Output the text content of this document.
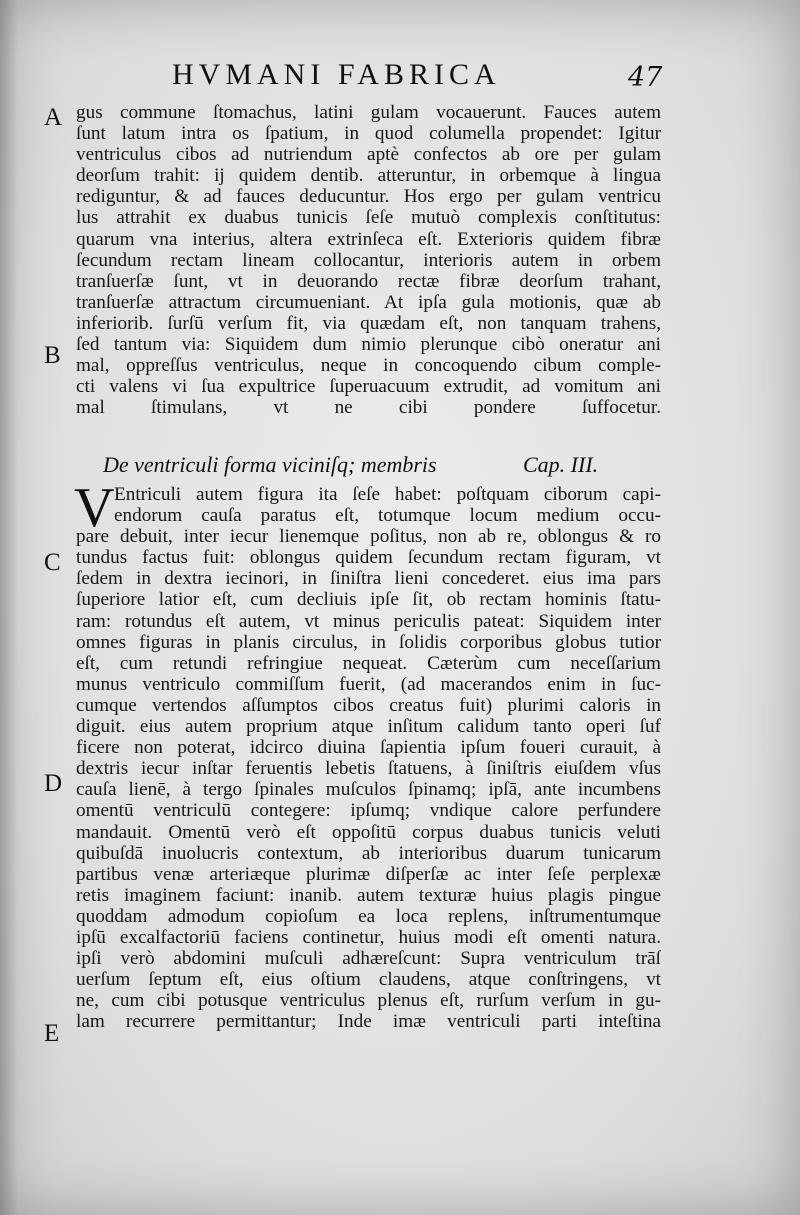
HVMANI FABRICA	47
A
B
C
D
E
gus commune ſtomachus, latini gulam vocauerunt. Fauces autem
ſunt latum intra os ſpatium, in quod columella propendet: Igitur
ventriculus cibos ad nutriendum aptè confectos ab ore per gulam
deorſum trahit: ij quidem dentib. atteruntur, in orbemque à lingua
rediguntur, & ad fauces deducuntur. Hos ergo per gulam ventricu
lus attrahit ex duabus tunicis ſeſe mutuò complexis conſtitutus:
quarum vna interius, altera extrinſeca eſt. Exterioris quidem fibræ
ſecundum rectam lineam collocantur, interioris autem in orbem
tranſuerſæ ſunt, vt in deuorando rectæ fibræ deorſum trahant,
tranſuerſæ attractum circumueniant. At ipſa gula motionis, quæ ab
inferiorib. ſurſū verſum fit, via quædam eſt, non tanquam trahens,
ſed tantum via: Siquidem dum nimio plerunque cibò oneratur ani
mal, oppreſſus ventriculus, neque in concoquendo cibum comple-
cti valens vi ſua expultrice ſuperuacuum extrudit, ad vomitum ani
mal ſtimulans, vt ne cibi pondere ſuffocetur.
De ventriculi forma viciniſq; membris	Cap. III.
V Entriculi autem figura ita ſeſe habet: poſtquam ciborum capi-
endorum cauſa paratus eſt, totumque locum medium occu-
pare debuit, inter iecur lienemque poſitus, non ab re, oblongus & ro
tundus factus fuit: oblongus quidem ſecundum rectam figuram, vt
ſedem in dextra iecinori, in ſiniſtra lieni concederet. eius ima pars
ſuperiore latior eſt, cum decliuis ipſe ſit, ob rectam hominis ſtatu-
ram: rotundus eſt autem, vt minus periculis pateat: Siquidem inter
omnes figuras in planis circulus, in ſolidis corporibus globus tutior
eſt, cum retundi refringiue nequeat. Cæterùm cum neceſſarium
munus ventriculo commiſſum fuerit, (ad macerandos enim in ſuc-
cumque vertendos aſſumptos cibos creatus fuit) plurimi caloris in
diguit. eius autem proprium atque inſitum calidum tanto operi ſuf
ficere non poterat, idcirco diuina ſapientia ipſum foueri curauit, à
dextris iecur inſtar feruentis lebetis ſtatuens, à ſiniſtris eiuſdem vſus
cauſa lienē, à tergo ſpinales muſculos ſpinamq; ipſā, ante incumbens
omentū ventriculū contegere: ipſumq; vndique calore perfundere
mandauit. Omentū verò eſt oppoſitū corpus duabus tunicis veluti
quibuſdā inuolucris contextum, ab interioribus duarum tunicarum
partibus venæ arteriæque plurimæ diſperſæ ac inter ſeſe perplexæ
retis imaginem faciunt: inanib. autem texturæ huius plagis pingue
quoddam admodum copioſum ea loca replens, inſtrumentumque
ipſū excalfactoriū faciens continetur, huius modi eſt omenti natura.
ipſi verò abdomini muſculi adhæreſcunt: Supra ventriculum trāſ
uerſum ſeptum eſt, eius oſtium claudens, atque conſtringens, vt
ne, cum cibi potusque ventriculus plenus eſt, rurſum verſum in gu-
lam recurrere permittantur; Inde imæ ventriculi parti inteſtina
